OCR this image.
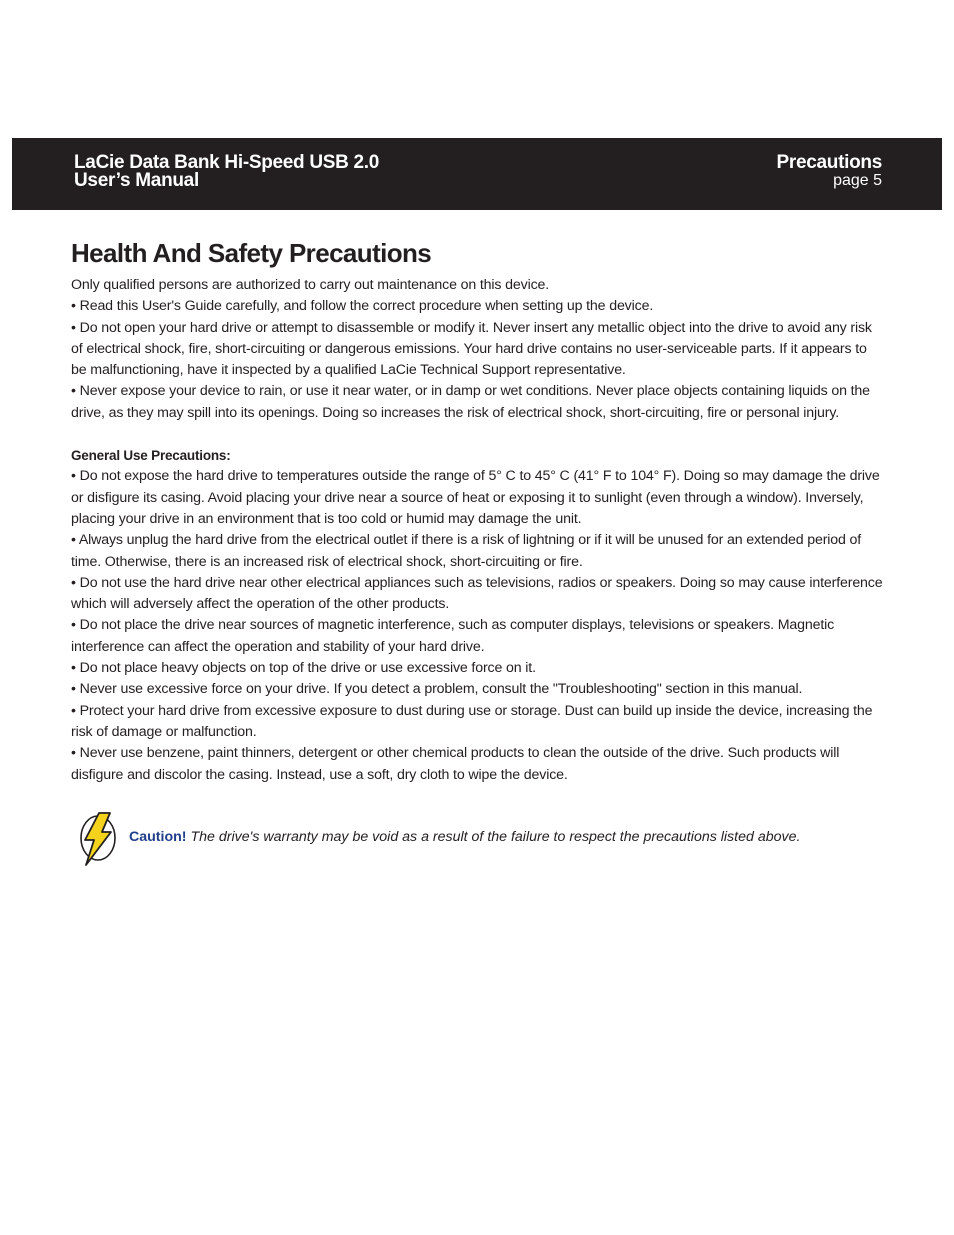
LaCie Data Bank Hi-Speed USB 2.0
User’s Manual
Precautions
page 5
Health And Safety Precautions

Only qualified persons are authorized to carry out maintenance on this device.

• Read this User's Guide carefully, and follow the correct procedure when setting up the device.

• Do not open your hard drive or attempt to disassemble or modify it. Never insert any metallic object into the drive to avoid any risk of electrical shock, fire, short-circuiting or dangerous emissions. Your hard drive contains no user-serviceable parts. If it appears to be malfunctioning, have it inspected by a qualified LaCie Technical Support representative.

• Never expose your device to rain, or use it near water, or in damp or wet conditions. Never place objects containing liquids on the drive, as they may spill into its openings. Doing so increases the risk of electrical shock, short-circuiting, fire or personal injury.

General Use Precautions:

• Do not expose the hard drive to temperatures outside the range of 5° C to 45° C (41° F to 104° F). Doing so may damage the drive or disfigure its casing. Avoid placing your drive near a source of heat or exposing it to sunlight (even through a window). Inversely, placing your drive in an environment that is too cold or humid may damage the unit.

• Always unplug the hard drive from the electrical outlet if there is a risk of lightning or if it will be unused for an extended period of time. Otherwise, there is an increased risk of electrical shock, short-circuiting or fire.

• Do not use the hard drive near other electrical appliances such as televisions, radios or speakers. Doing so may cause interference which will adversely affect the operation of the other products.

• Do not place the drive near sources of magnetic interference, such as computer displays, televisions or speakers. Magnetic interference can affect the operation and stability of your hard drive.

• Do not place heavy objects on top of the drive or use excessive force on it.

• Never use excessive force on your drive. If you detect a problem, consult the "Troubleshooting" section in this manual.

• Protect your hard drive from excessive exposure to dust during use or storage. Dust can build up inside the device, increasing the risk of damage or malfunction.

• Never use benzene, paint thinners, detergent or other chemical products to clean the outside of the drive. Such products will disfigure and discolor the casing. Instead, use a soft, dry cloth to wipe the device.

Caution! The drive's warranty may be void as a result of the failure to respect the precautions listed above.
